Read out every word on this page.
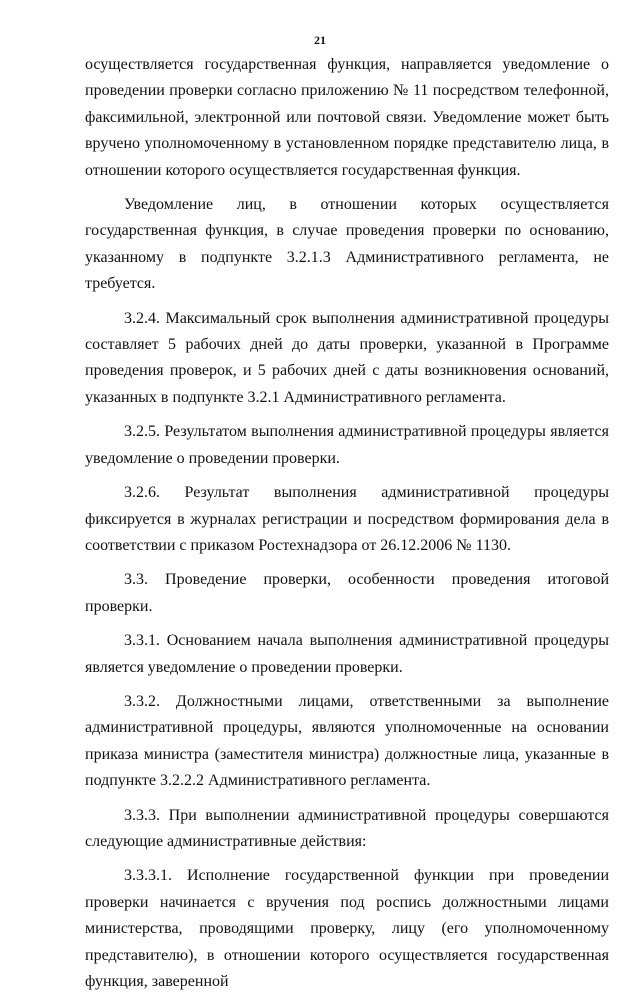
21

осуществляется государственная функция, направляется уведомление о проведении проверки согласно приложению № 11 посредством телефонной, факсимильной, электронной или почтовой связи. Уведомление может быть вручено уполномоченному в установленном порядке представителю лица, в отношении которого осуществляется государственная функция.

Уведомление лиц, в отношении которых осуществляется государственная функция, в случае проведения проверки по основанию, указанному в подпункте 3.2.1.3 Административного регламента, не требуется.

3.2.4. Максимальный срок выполнения административной процедуры составляет 5 рабочих дней до даты проверки, указанной в Программе проведения проверок, и 5 рабочих дней с даты возникновения оснований, указанных в подпункте 3.2.1 Административного регламента.

3.2.5. Результатом выполнения административной процедуры является уведомление о проведении проверки.

3.2.6. Результат выполнения административной процедуры фиксируется в журналах регистрации и посредством формирования дела в соответствии с приказом Ростехнадзора от 26.12.2006 № 1130.

3.3. Проведение проверки, особенности проведения итоговой проверки.

3.3.1. Основанием начала выполнения административной процедуры является уведомление о проведении проверки.

3.3.2. Должностными лицами, ответственными за выполнение административной процедуры, являются уполномоченные на основании приказа министра (заместителя министра) должностные лица, указанные в подпункте 3.2.2.2 Административного регламента.

3.3.3. При выполнении административной процедуры совершаются следующие административные действия:

3.3.3.1. Исполнение государственной функции при проведении проверки начинается с вручения под роспись должностными лицами министерства, проводящими проверку, лицу (его уполномоченному представителю), в отношении которого осуществляется государственная функция, заверенной
